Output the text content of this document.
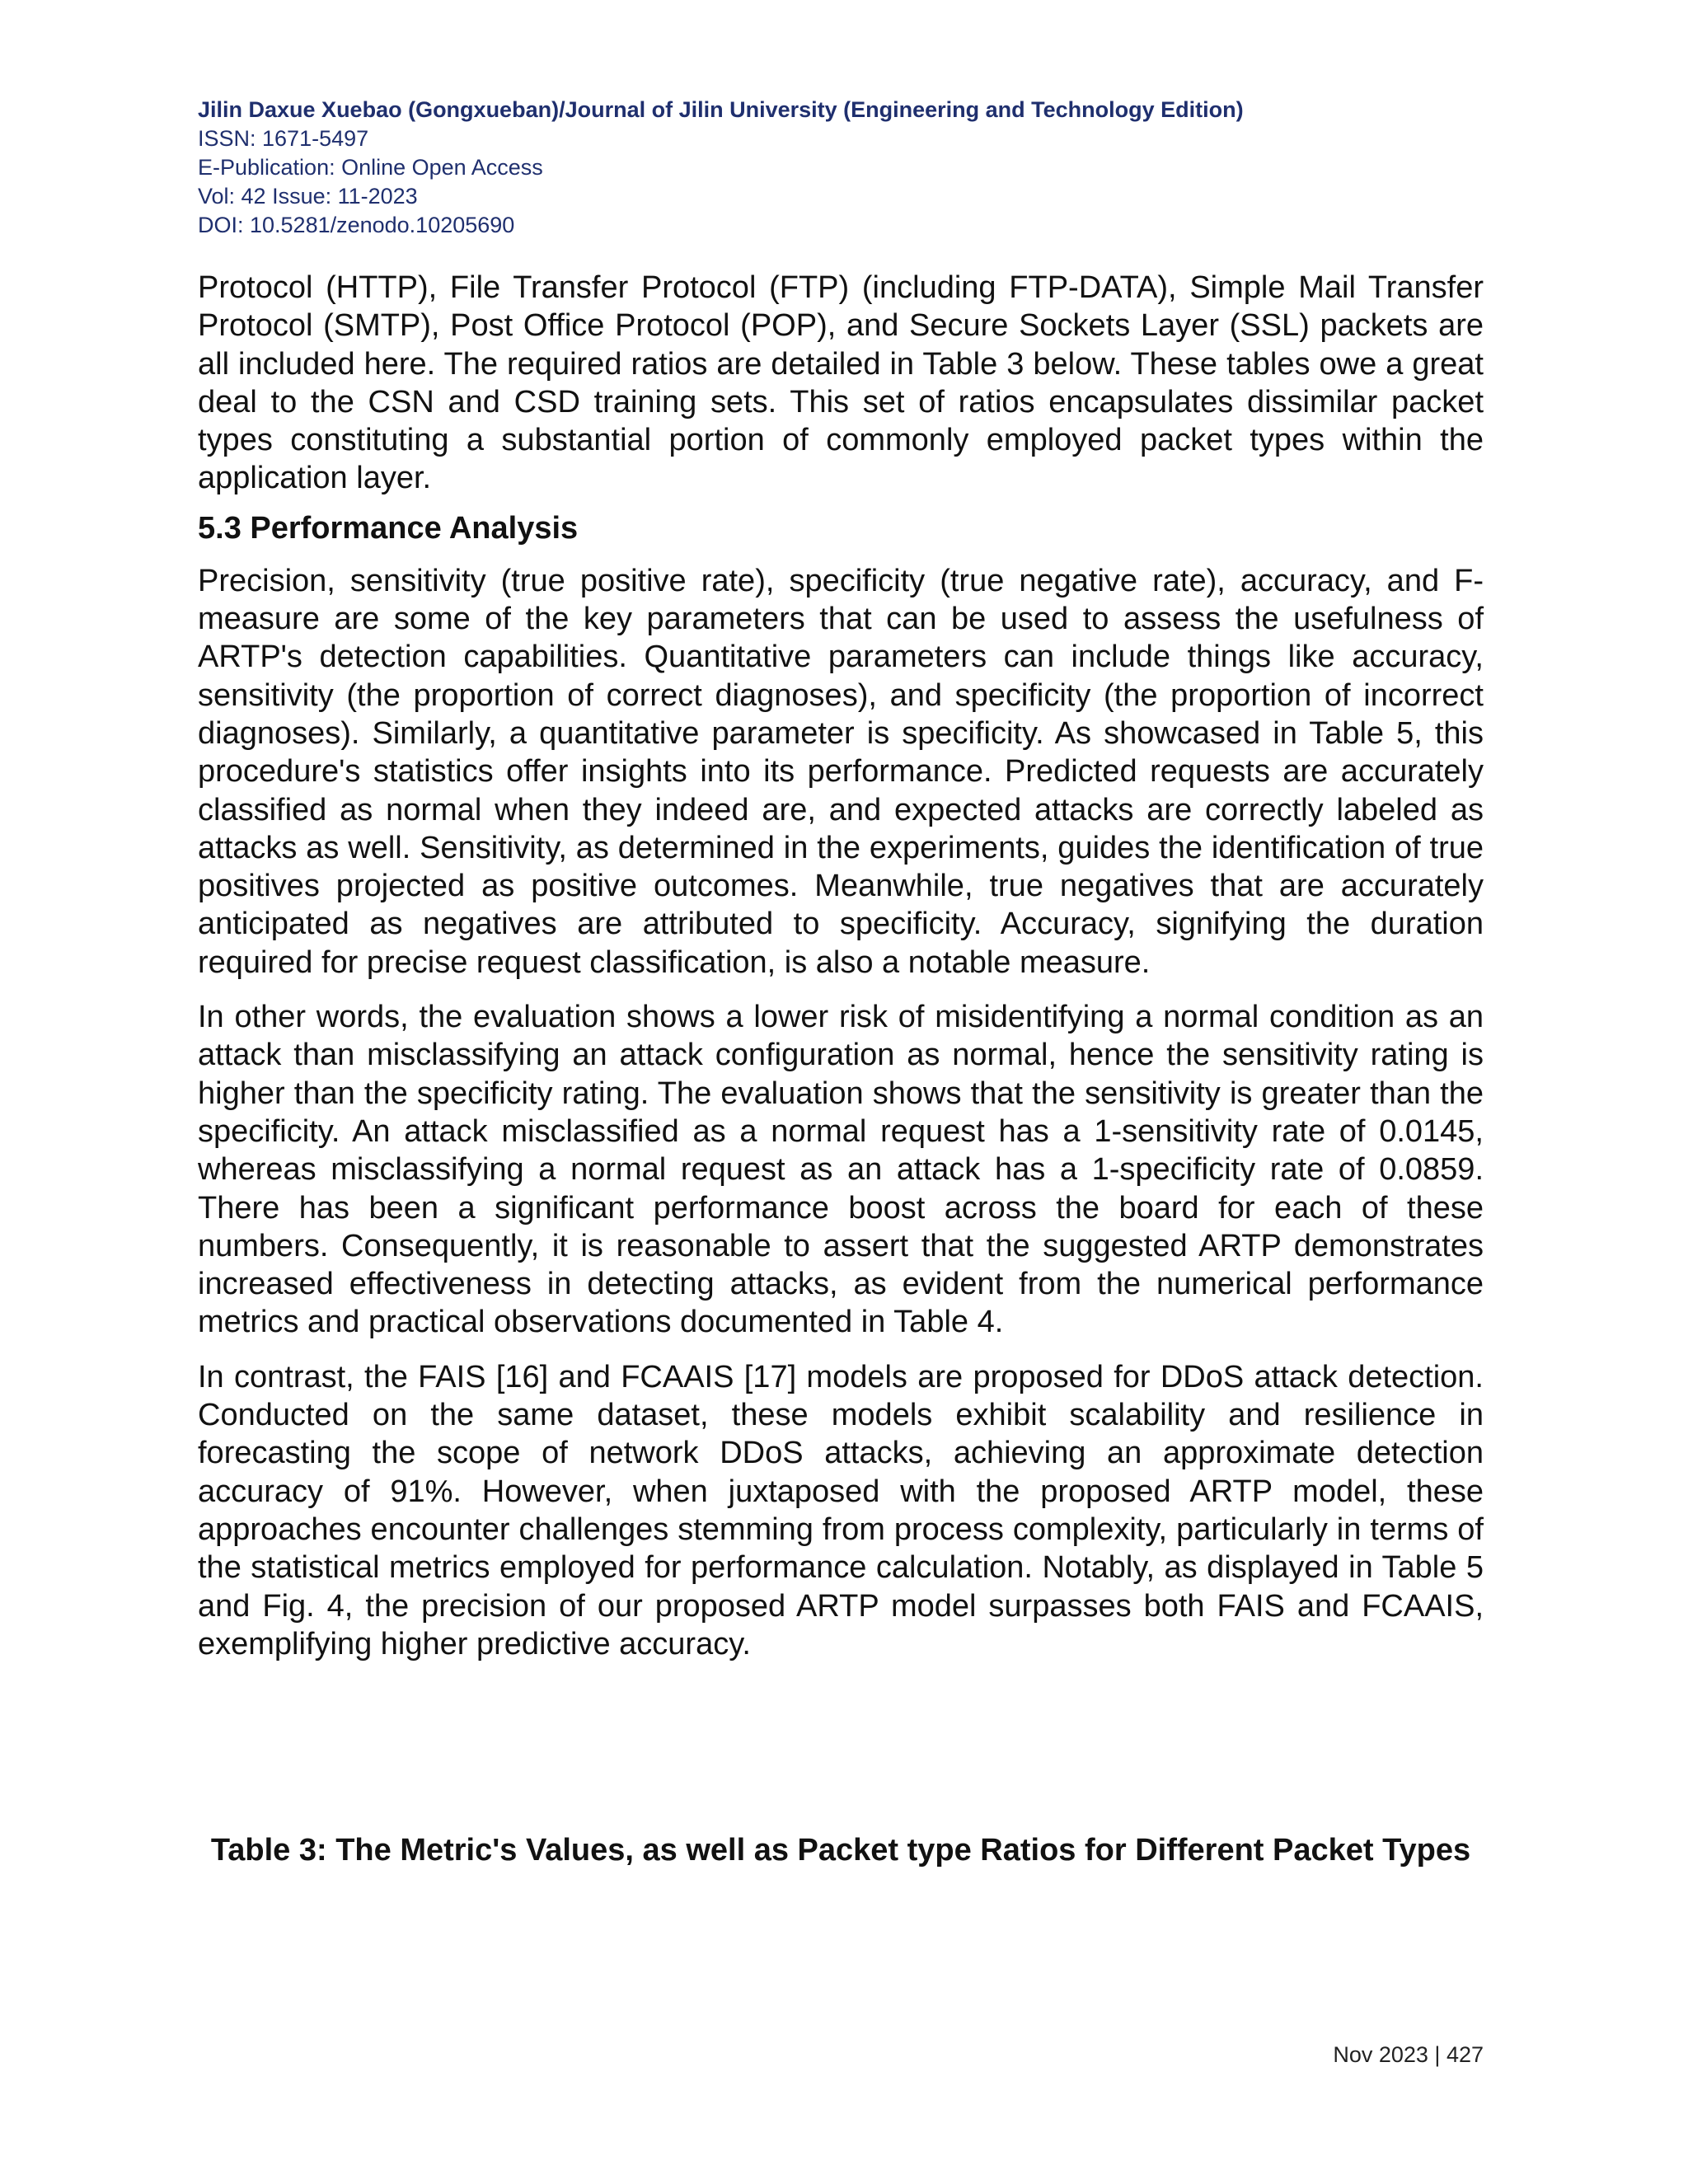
Jilin Daxue Xuebao (Gongxueban)/Journal of Jilin University (Engineering and Technology Edition)
ISSN: 1671-5497
E-Publication: Online Open Access
Vol: 42 Issue: 11-2023
DOI: 10.5281/zenodo.10205690

Protocol (HTTP), File Transfer Protocol (FTP) (including FTP-DATA), Simple Mail Transfer Protocol (SMTP), Post Office Protocol (POP), and Secure Sockets Layer (SSL) packets are all included here. The required ratios are detailed in Table 3 below. These tables owe a great deal to the CSN and CSD training sets. This set of ratios encapsulates dissimilar packet types constituting a substantial portion of commonly employed packet types within the application layer.

5.3 Performance Analysis

Precision, sensitivity (true positive rate), specificity (true negative rate), accuracy, and F-measure are some of the key parameters that can be used to assess the usefulness of ARTP's detection capabilities. Quantitative parameters can include things like accuracy, sensitivity (the proportion of correct diagnoses), and specificity (the proportion of incorrect diagnoses). Similarly, a quantitative parameter is specificity. As showcased in Table 5, this procedure's statistics offer insights into its performance. Predicted requests are accurately classified as normal when they indeed are, and expected attacks are correctly labeled as attacks as well. Sensitivity, as determined in the experiments, guides the identification of true positives projected as positive outcomes. Meanwhile, true negatives that are accurately anticipated as negatives are attributed to specificity. Accuracy, signifying the duration required for precise request classification, is also a notable measure.

In other words, the evaluation shows a lower risk of misidentifying a normal condition as an attack than misclassifying an attack configuration as normal, hence the sensitivity rating is higher than the specificity rating. The evaluation shows that the sensitivity is greater than the specificity. An attack misclassified as a normal request has a 1-sensitivity rate of 0.0145, whereas misclassifying a normal request as an attack has a 1-specificity rate of 0.0859. There has been a significant performance boost across the board for each of these numbers. Consequently, it is reasonable to assert that the suggested ARTP demonstrates increased effectiveness in detecting attacks, as evident from the numerical performance metrics and practical observations documented in Table 4.

In contrast, the FAIS [16] and FCAAIS [17] models are proposed for DDoS attack detection. Conducted on the same dataset, these models exhibit scalability and resilience in forecasting the scope of network DDoS attacks, achieving an approximate detection accuracy of 91%. However, when juxtaposed with the proposed ARTP model, these approaches encounter challenges stemming from process complexity, particularly in terms of the statistical metrics employed for performance calculation. Notably, as displayed in Table 5 and Fig. 4, the precision of our proposed ARTP model surpasses both FAIS and FCAAIS, exemplifying higher predictive accuracy.

Table 3: The Metric's Values, as well as Packet type Ratios for Different Packet Types
Nov 2023 | 427
